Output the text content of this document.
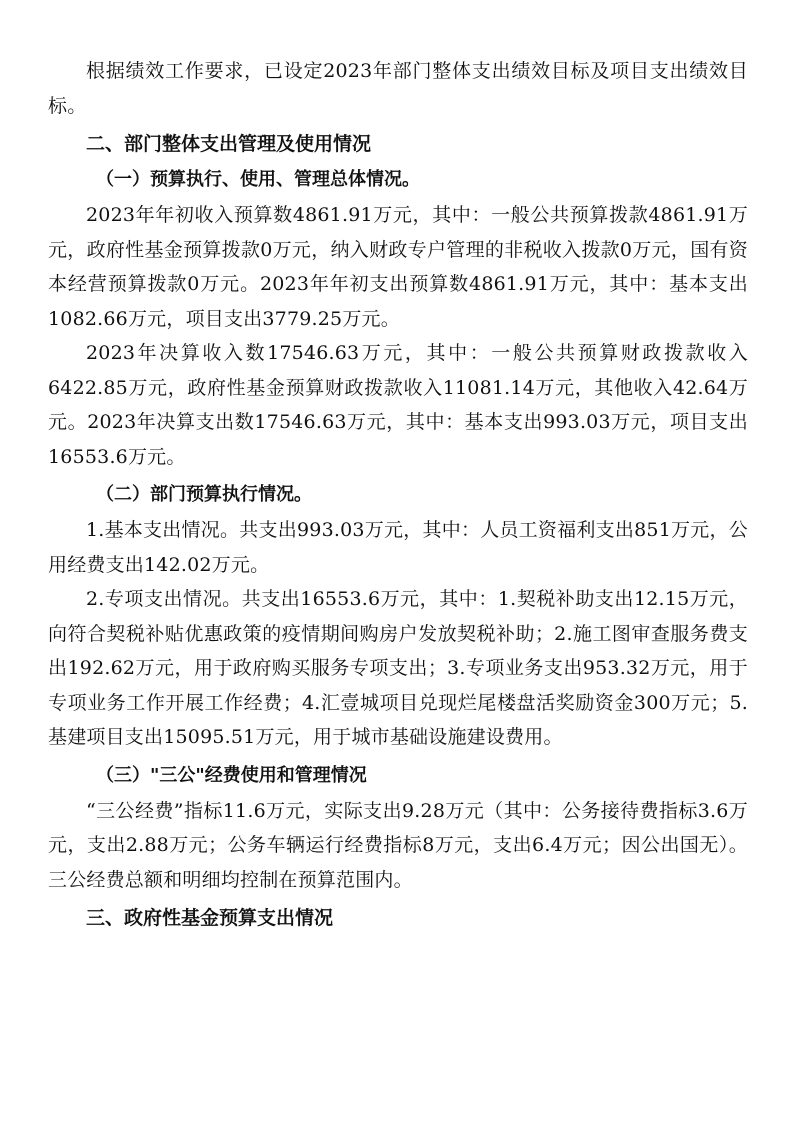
根据绩效工作要求，已设定2023年部门整体支出绩效目标及项目支出绩效目标。

二、部门整体支出管理及使用情况

（一）预算执行、使用、管理总体情况。

2023年年初收入预算数4861.91万元，其中：一般公共预算拨款4861.91万元，政府性基金预算拨款0万元，纳入财政专户管理的非税收入拨款0万元，国有资本经营预算拨款0万元。2023年年初支出预算数4861.91万元，其中：基本支出1082.66万元，项目支出3779.25万元。

2023年决算收入数17546.63万元，其中：一般公共预算财政拨款收入6422.85万元，政府性基金预算财政拨款收入11081.14万元，其他收入42.64万元。2023年决算支出数17546.63万元，其中：基本支出993.03万元，项目支出16553.6万元。

（二）部门预算执行情况。

1.基本支出情况。共支出993.03万元，其中：人员工资福利支出851万元，公用经费支出142.02万元。

2.专项支出情况。共支出16553.6万元，其中：1.契税补助支出12.15万元，向符合契税补贴优惠政策的疫情期间购房户发放契税补助；2.施工图审查服务费支出192.62万元，用于政府购买服务专项支出；3.专项业务支出953.32万元，用于专项业务工作开展工作经费；4.汇壹城项目兑现烂尾楼盘活奖励资金300万元；5.基建项目支出15095.51万元，用于城市基础设施建设费用。

（三）"三公"经费使用和管理情况

“三公经费”指标11.6万元，实际支出9.28万元（其中：公务接待费指标3.6万元，支出2.88万元；公务车辆运行经费指标8万元，支出6.4万元；因公出国无）。三公经费总额和明细均控制在预算范围内。

三、政府性基金预算支出情况
